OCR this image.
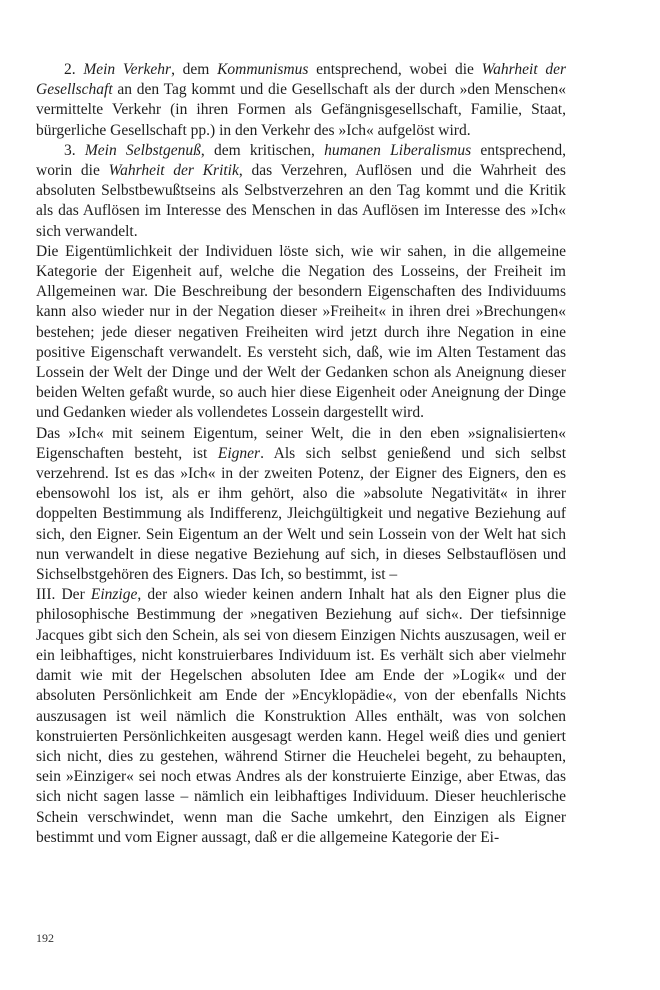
2. Mein Verkehr, dem Kommunismus entsprechend, wobei die Wahrheit der Gesellschaft an den Tag kommt und die Gesellschaft als der durch »den Menschen« vermittelte Verkehr (in ihren Formen als Gefängnisgesellschaft, Familie, Staat, bürgerliche Gesellschaft pp.) in den Verkehr des »Ich« aufgelöst wird.

3. Mein Selbstgenuß, dem kritischen, humanen Liberalismus entsprechend, worin die Wahrheit der Kritik, das Verzehren, Auflösen und die Wahrheit des absoluten Selbstbewußtseins als Selbstverzehren an den Tag kommt und die Kritik als das Auflösen im Interesse des Menschen in das Auflösen im Interesse des »Ich« sich verwandelt.

Die Eigentümlichkeit der Individuen löste sich, wie wir sahen, in die allgemeine Kategorie der Eigenheit auf, welche die Negation des Losseins, der Freiheit im Allgemeinen war. Die Beschreibung der besondern Eigenschaften des Individuums kann also wieder nur in der Negation dieser »Freiheit« in ihren drei »Brechungen« bestehen; jede dieser negativen Freiheiten wird jetzt durch ihre Negation in eine positive Eigenschaft verwandelt. Es versteht sich, daß, wie im Alten Testament das Lossein der Welt der Dinge und der Welt der Gedanken schon als Aneignung dieser beiden Welten gefaßt wurde, so auch hier diese Eigenheit oder Aneignung der Dinge und Gedanken wieder als vollendetes Lossein dargestellt wird.

Das »Ich« mit seinem Eigentum, seiner Welt, die in den eben »signalisierten« Eigenschaften besteht, ist Eigner. Als sich selbst genießend und sich selbst verzehrend. Ist es das »Ich« in der zweiten Potenz, der Eigner des Eigners, den es ebensowohl los ist, als er ihm gehört, also die »absolute Negativität« in ihrer doppelten Bestimmung als Indifferenz, Jleichgültigkeit und negative Beziehung auf sich, den Eigner. Sein Eigentum an der Welt und sein Lossein von der Welt hat sich nun verwandelt in diese negative Beziehung auf sich, in dieses Selbstauflösen und Sichselbstgehören des Eigners. Das Ich, so bestimmt, ist –

III. Der Einzige, der also wieder keinen andern Inhalt hat als den Eigner plus die philosophische Bestimmung der »negativen Beziehung auf sich«. Der tiefsinnige Jacques gibt sich den Schein, als sei von diesem Einzigen Nichts auszusagen, weil er ein leibhaftiges, nicht konstruierbares Individuum ist. Es verhält sich aber vielmehr damit wie mit der Hegelschen absoluten Idee am Ende der »Logik« und der absoluten Persönlichkeit am Ende der »Encyklopädie«, von der ebenfalls Nichts auszusagen ist weil nämlich die Konstruktion Alles enthält, was von solchen konstruierten Persönlichkeiten ausgesagt werden kann. Hegel weiß dies und geniert sich nicht, dies zu gestehen, während Stirner die Heuchelei begeht, zu behaupten, sein »Einziger« sei noch etwas Andres als der konstruierte Einzige, aber Etwas, das sich nicht sagen lasse – nämlich ein leibhaftiges Individuum. Dieser heuchlerische Schein verschwindet, wenn man die Sache umkehrt, den Einzigen als Eigner bestimmt und vom Eigner aussagt, daß er die allgemeine Kategorie der Ei-

192
